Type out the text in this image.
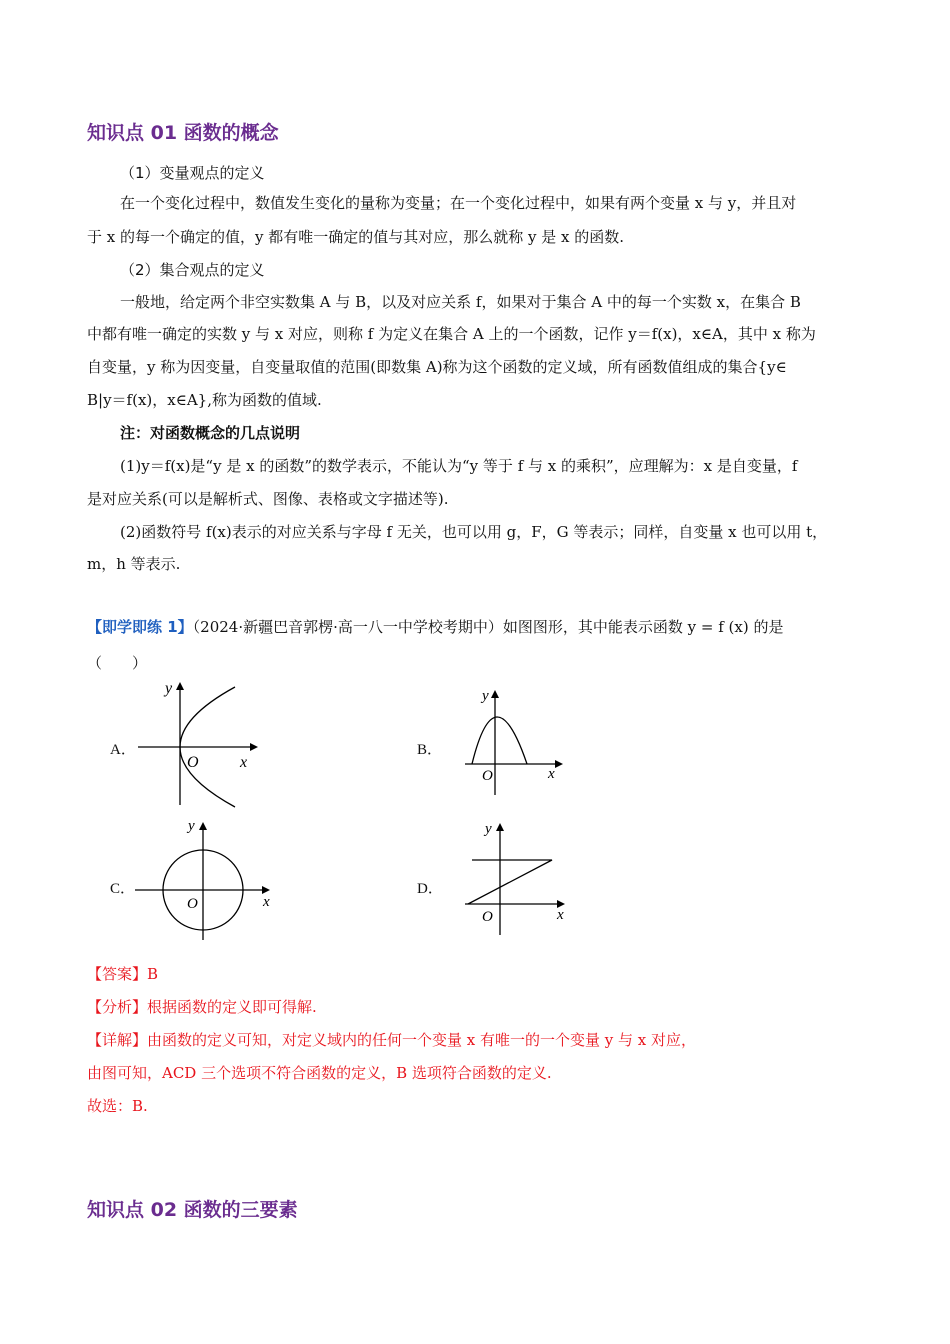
知识点 01 函数的概念
（1）变量观点的定义
在一个变化过程中，数值发生变化的量称为变量；在一个变化过程中，如果有两个变量 x 与 y，并且对
于 x 的每一个确定的值，y 都有唯一确定的值与其对应，那么就称 y 是 x 的函数.
（2）集合观点的定义
一般地，给定两个非空实数集 A 与 B，以及对应关系 f，如果对于集合 A 中的每一个实数 x，在集合 B
中都有唯一确定的实数 y 与 x 对应，则称 f 为定义在集合 A 上的一个函数，记作 y＝f(x)，x∈A，其中 x 称为
自变量，y 称为因变量，自变量取值的范围(即数集 A)称为这个函数的定义域，所有函数值组成的集合{y∈
B|y＝f(x)，x∈A},称为函数的值域.
注：对函数概念的几点说明
(1)y＝f(x)是“y 是 x 的函数”的数学表示，不能认为“y 等于 f 与 x 的乘积”，应理解为：x 是自变量，f
是对应关系(可以是解析式、图像、表格或文字描述等).
(2)函数符号 f(x)表示的对应关系与字母 f 无关，也可以用 g，F，G 等表示；同样，自变量 x 也可以用 t，
m，h 等表示.
【即学即练 1】（2024·新疆巴音郭楞·高一八一中学校考期中）如图图形，其中能表示函数 y = f (x) 的是
（　　）
A．	B．
C．	D．
y
x
O
y
x
O
y
x
O
y
x
O
【答案】B
【分析】根据函数的定义即可得解.
【详解】由函数的定义可知，对定义域内的任何一个变量 x 有唯一的一个变量 y 与 x 对应，
由图可知，ACD 三个选项不符合函数的定义，B 选项符合函数的定义.
故选：B.
知识点 02 函数的三要素
